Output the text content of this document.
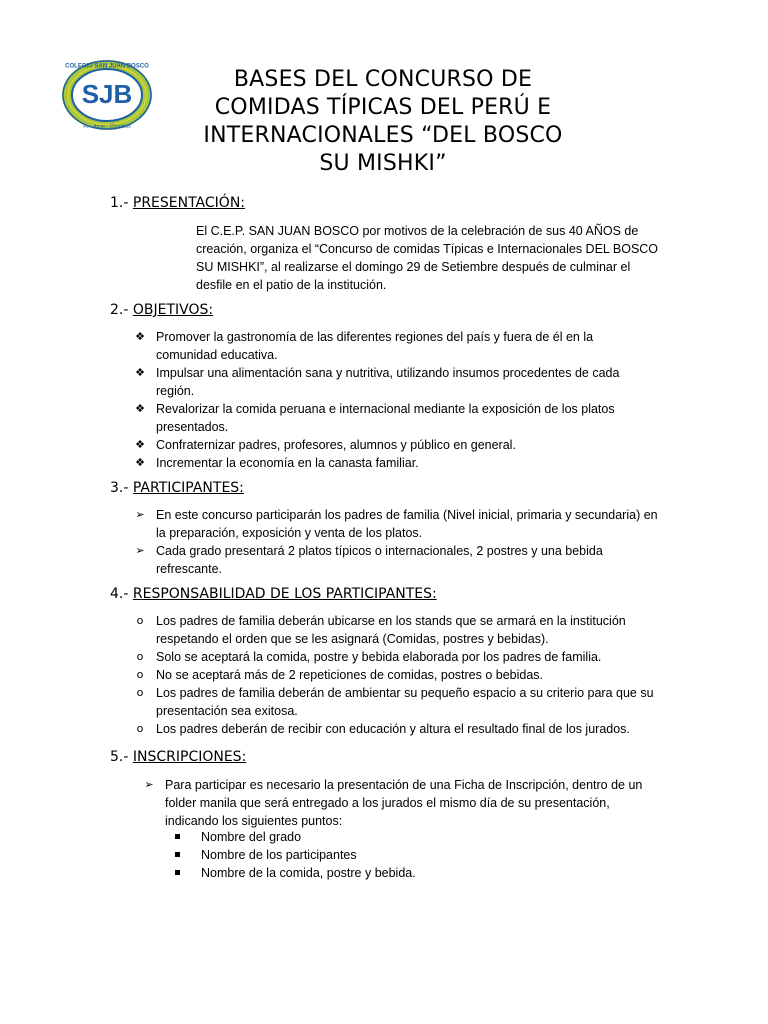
SJB
COLEGIO SAN JUAN BOSCO
Fe · Amor · Chorrillos
BASES DEL CONCURSO DE COMIDAS TÍPICAS DEL PERÚ E INTERNACIONALES “DEL BOSCO SU MISHKI”
1.- PRESENTACIÓN:
El C.E.P. SAN JUAN BOSCO por motivos de la celebración de sus 40 AÑOS de creación, organiza el “Concurso de comidas Típicas e Internacionales DEL BOSCO SU MISHKI”, al realizarse el domingo 29 de Setiembre después de culminar el desfile en el patio de la institución.
2.- OBJETIVOS:
❖ Promover la gastronomía de las diferentes regiones del país y fuera de él en la comunidad educativa.
❖ Impulsar una alimentación sana y nutritiva, utilizando insumos procedentes de cada región.
❖ Revalorizar la comida peruana e internacional mediante la exposición de los platos presentados.
❖ Confraternizar padres, profesores, alumnos y público en general.
❖ Incrementar la economía en la canasta familiar.
3.- PARTICIPANTES:
➢ En este concurso participarán los padres de familia (Nivel inicial, primaria y secundaria) en la preparación, exposición y venta de los platos.
➢ Cada grado presentará 2 platos típicos o internacionales, 2 postres y una bebida refrescante.
4.- RESPONSABILIDAD DE LOS PARTICIPANTES:
o	Los padres de familia deberán ubicarse en los stands que se armará en la institución respetando el orden que se les asignará (Comidas, postres y bebidas).
o	Solo se aceptará la comida, postre y bebida elaborada por los padres de familia.
o	No se aceptará más de 2 repeticiones de comidas, postres o bebidas.
o	Los padres de familia deberán de ambientar su pequeño espacio a su criterio para que su presentación sea exitosa.
o	Los padres deberán de recibir con educación y altura el resultado final de los jurados.
5.- INSCRIPCIONES:
➢ Para participar es necesario la presentación de una Ficha de Inscripción, dentro de un folder manila que será entregado a los jurados el mismo día de su presentación, indicando los siguientes puntos:
Nombre del grado
Nombre de los participantes
Nombre de la comida, postre y bebida.
